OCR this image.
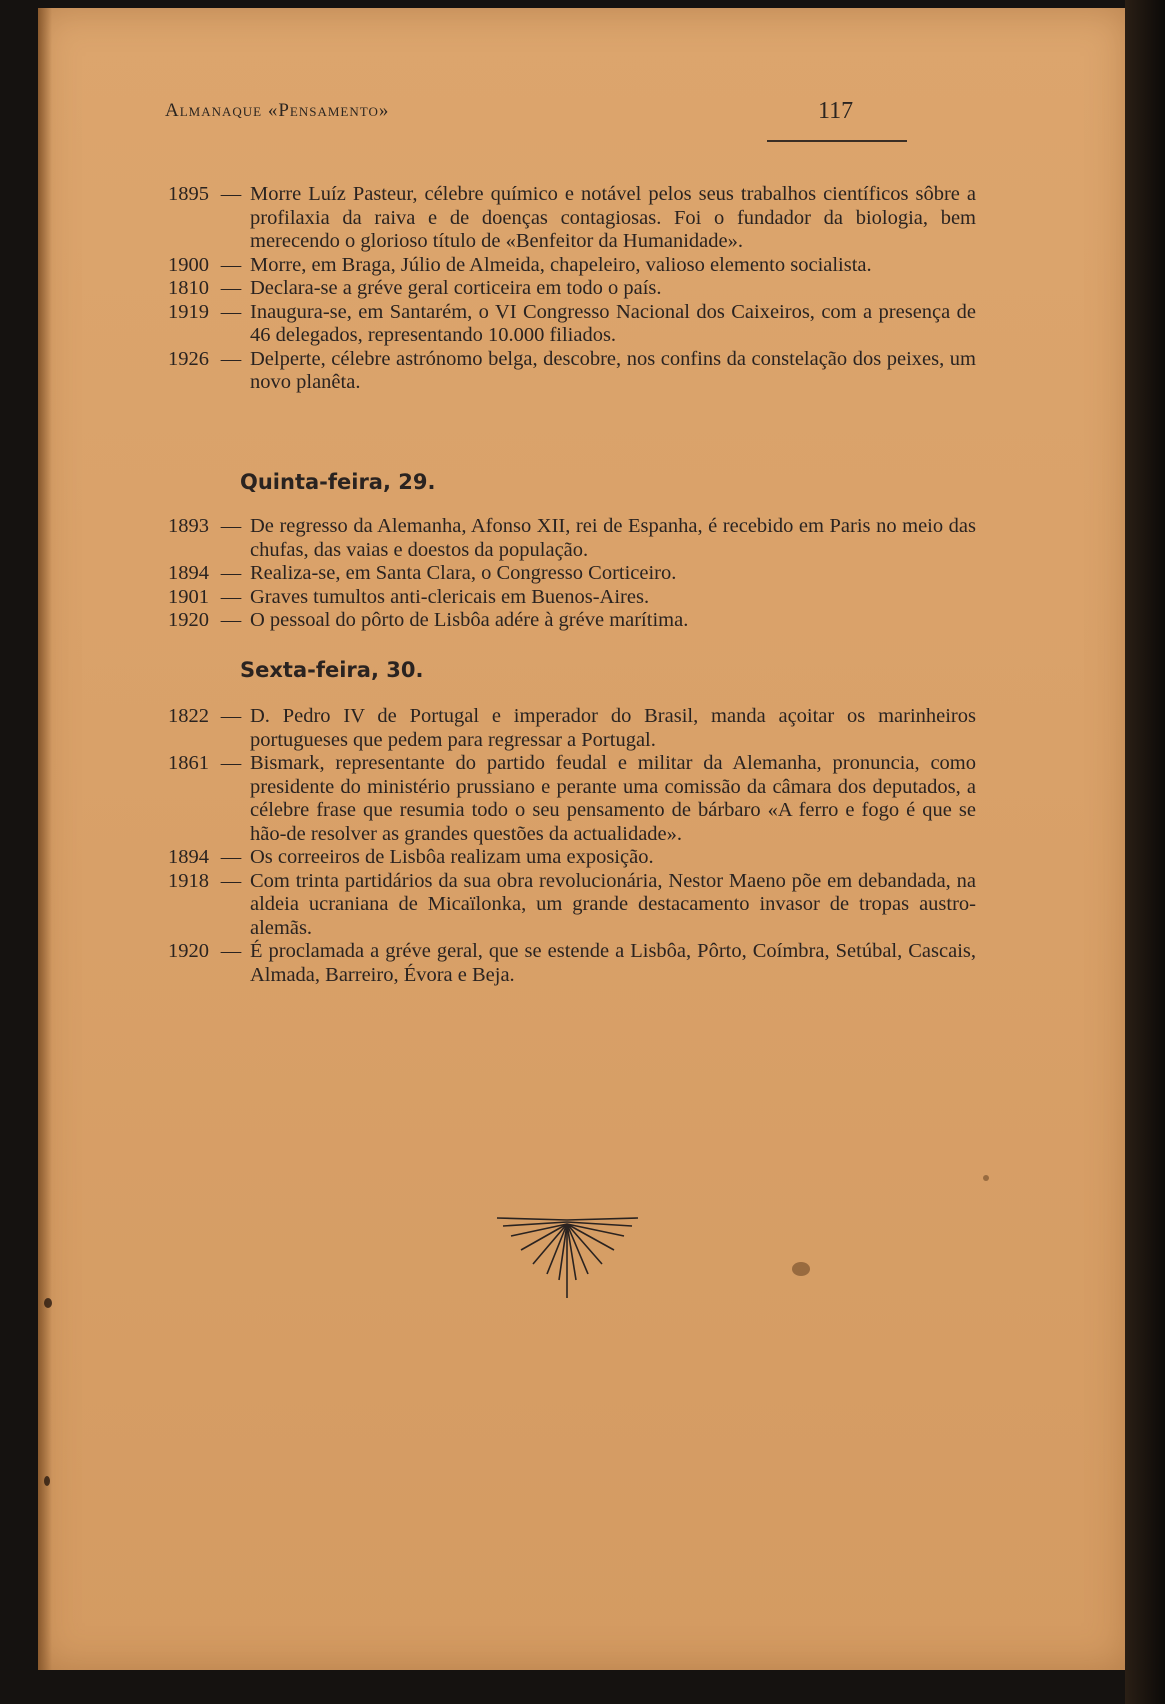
Almanaque «Pensamento»	117
1895 — Morre Luíz Pasteur, célebre químico e notável pelos seus trabalhos científicos sôbre a profilaxia da raiva e de doenças contagiosas. Foi o fundador da biologia, bem merecendo o glorioso título de «Benfeitor da Humanidade».
1900 — Morre, em Braga, Júlio de Almeida, chapeleiro, valioso elemento socialista.
1810 — Declara-se a gréve geral corticeira em todo o país.
1919 — Inaugura-se, em Santarém, o VI Congresso Nacional dos Caixeiros, com a presença de 46 delegados, representando 10.000 filiados.
1926 — Delperte, célebre astrónomo belga, descobre, nos confins da constelação dos peixes, um novo planêta.
Quinta-feira, 29.
1893 — De regresso da Alemanha, Afonso XII, rei de Espanha, é recebido em Paris no meio das chufas, das vaias e doestos da população.
1894 — Realiza-se, em Santa Clara, o Congresso Corticeiro.
1901 — Graves tumultos anti-clericais em Buenos-Aires.
1920 — O pessoal do pôrto de Lisbôa adére à gréve marítima.
Sexta-feira, 30.
1822 — D. Pedro IV de Portugal e imperador do Brasil, manda açoitar os marinheiros portugueses que pedem para regressar a Portugal.
1861 — Bismark, representante do partido feudal e militar da Alemanha, pronuncia, como presidente do ministério prussiano e perante uma comissão da câmara dos deputados, a célebre frase que resumia todo o seu pensamento de bárbaro «A ferro e fogo é que se hão-de resolver as grandes questões da actualidade».
1894 — Os correeiros de Lisbôa realizam uma exposição.
1918 — Com trinta partidários da sua obra revolucionária, Nestor Maeno põe em debandada, na aldeia ucraniana de Micaïlonka, um grande destacamento invasor de tropas austro-alemãs.
1920 — É proclamada a gréve geral, que se estende a Lisbôa, Pôrto, Coímbra, Setúbal, Cascais, Almada, Barreiro, Évora e Beja.
